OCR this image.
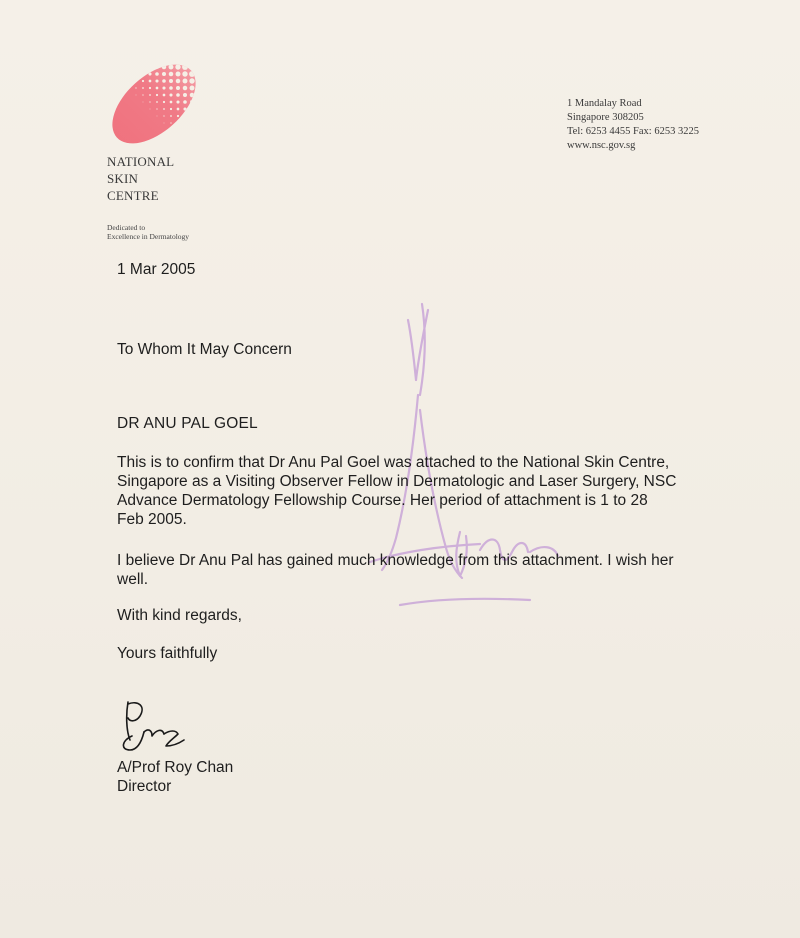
NATIONAL
SKIN
CENTRE
Dedicated to
Excellence in Dermatology
1 Mandalay Road
Singapore 308205
Tel: 6253 4455 Fax: 6253 3225
www.nsc.gov.sg
1 Mar 2005
To Whom It May Concern
DR ANU PAL GOEL
This is to confirm that Dr Anu Pal Goel was attached to the National Skin Centre,
Singapore as a Visiting Observer Fellow in Dermatologic and Laser Surgery, NSC
Advance Dermatology Fellowship Course. Her period of attachment is 1 to 28
Feb 2005.
I believe Dr Anu Pal has gained much knowledge from this attachment. I wish her
well.
With kind regards,
Yours faithfully
A/Prof Roy Chan
Director
